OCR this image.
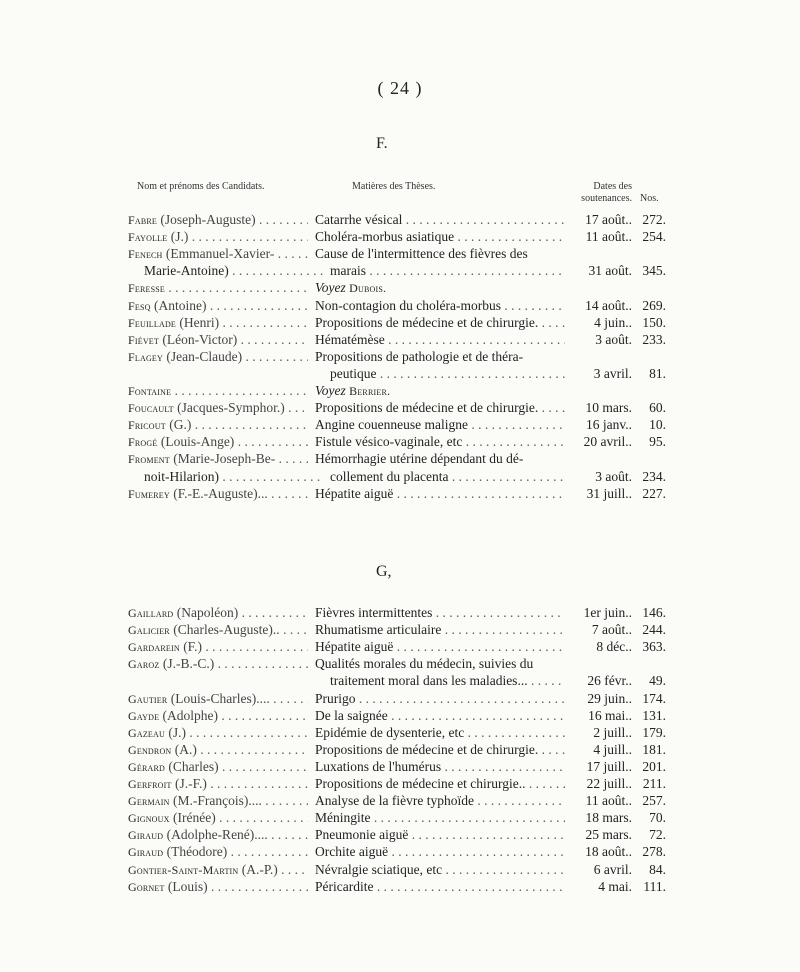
( 24 )
F.
Nom et prénoms des Candidats.	Matières des Thèses.	Dates des
soutenances. Nos.
Fabre (Joseph-Auguste) . . .	Catarrhe vésical . . .	17 août.. 272.
Fayolle (J.) . . .	Choléra-morbus asiatique . . .	11 août.. 254.
Fenech (Emmanuel-Xavier- . . .	Cause de l'intermittence des fièvres des
Marie-Antoine) . . .	marais . . .	31 août. 345.
Feresse . . .	Voyez Dubois.
Fesq (Antoine) . . .	Non-contagion du choléra-morbus . . .	14 août.. 269.
Feuillade (Henri) . . .	Propositions de médecine et de chirurgie. . . .	4 juin.. 150.
Fiévet (Léon-Victor) . . .	Hématémèse . . .	3 août. 233.
Flagey (Jean-Claude) . . .	Propositions de pathologie et de théra-
peutique . . .	3 avril.	81.
Fontaine . . .	Voyez Berrier.
Foucault (Jacques-Symphor.) . . .	Propositions de médecine et de chirurgie. . . .	10 mars.	60.
Fricout (G.) . . .	Angine couenneuse maligne . . .	16 janv..	10.
Frogé (Louis-Ange) . . .	Fistule vésico-vaginale, etc . . .	20 avril..	95.
Froment (Marie-Joseph-Be- . . .	Hémorrhagie utérine dépendant du dé-
noit-Hilarion) . . .	collement du placenta . . .	3 août. 234.
Fumerey (F.-E.-Auguste)... . . .	Hépatite aiguë . . .	31 juill.. 227.
G,
Gaillard (Napoléon) . . .	Fièvres intermittentes . . .	1er juin.. 146.
Galicier (Charles-Auguste).. . . .	Rhumatisme articulaire . . .	7 août.. 244.
Gardarein (F.) . . .	Hépatite aiguë . . .	8 déc.. 363.
Garoz (J.-B.-C.) . . .	Qualités morales du médecin, suivies du
traitement moral dans les maladies... . . .	26 févr..	49.
Gautier (Louis-Charles).... . . .	Prurigo . . .	29 juin.. 174.
Gayde (Adolphe) . . .	De la saignée . . .	16 mai.. 131.
Gazeau (J.) . . .	Epidémie de dysenterie, etc . . .	2 juill.. 179.
Gendron (A.) . . .	Propositions de médecine et de chirurgie. . . .	4 juill.. 181.
Gérard (Charles) . . .	Luxations de l'humérus . . .	17 juill.. 201.
Gerfroit (J.-F.) . . .	Propositions de médecine et chirurgie.. . . .	22 juill.. 211.
Germain (M.-François).... . . .	Analyse de la fièvre typhoïde . . .	11 août.. 257.
Gignoux (Irénée) . . .	Méningite . . .	18 mars.	70.
Giraud (Adolphe-René).... . . .	Pneumonie aiguë . . .	25 mars.	72.
Giraud (Théodore) . . .	Orchite aiguë . . .	18 août.. 278.
Gontier-Saint-Martin (A.-P.) . . .	Névralgie sciatique, etc . . .	6 avril.	84.
Gornet (Louis) . . .	Péricardite . . .	4 mai. 111.
